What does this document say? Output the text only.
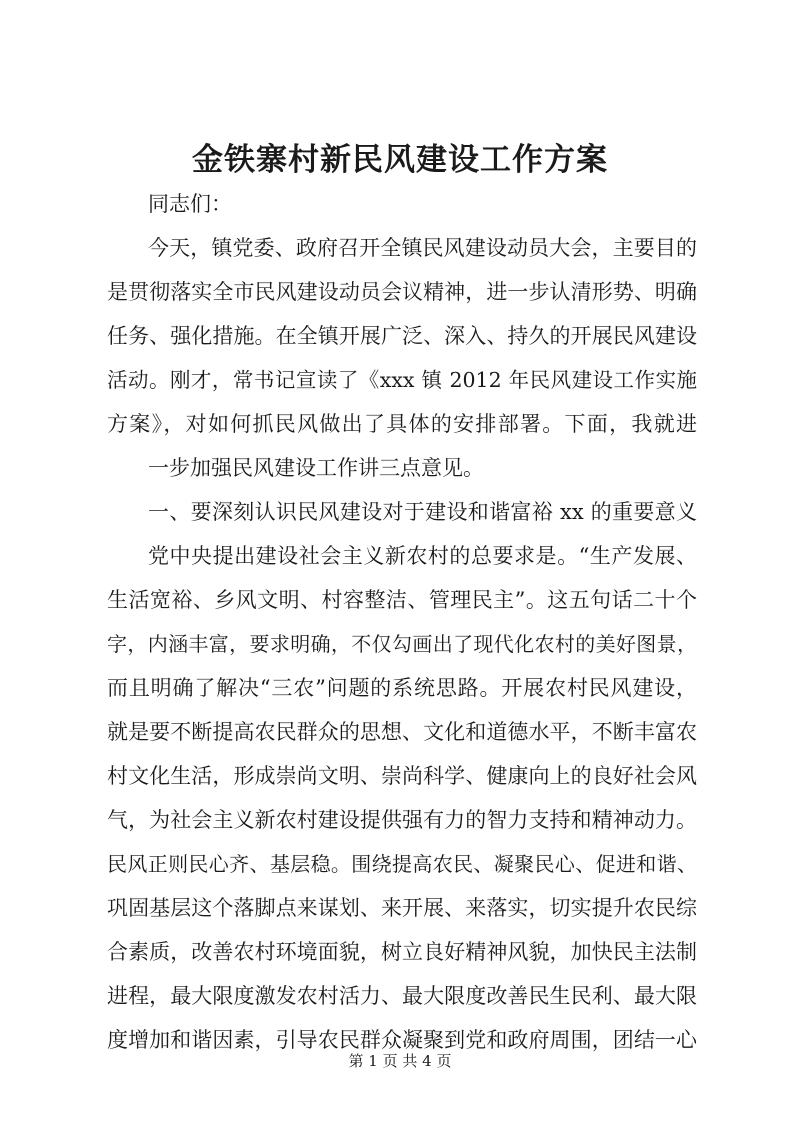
金铁寨村新民风建设工作方案
同志们：
今天，镇党委、政府召开全镇民风建设动员大会，主要目的
是贯彻落实全市民风建设动员会议精神，进一步认清形势、明确
任务、强化措施。在全镇开展广泛、深入、持久的开展民风建设
活动。刚才，常书记宣读了《xxx 镇 2012 年民风建设工作实施
方案》，对如何抓民风做出了具体的安排部署。下面，我就进
一步加强民风建设工作讲三点意见。
一、要深刻认识民风建设对于建设和谐富裕 xx 的重要意义
党中央提出建设社会主义新农村的总要求是。“生产发展、
生活宽裕、乡风文明、村容整洁、管理民主”。这五句话二十个
字，内涵丰富，要求明确，不仅勾画出了现代化农村的美好图景，
而且明确了解决“三农”问题的系统思路。开展农村民风建设，
就是要不断提高农民群众的思想、文化和道德水平，不断丰富农
村文化生活，形成崇尚文明、崇尚科学、健康向上的良好社会风
气，为社会主义新农村建设提供强有力的智力支持和精神动力。
民风正则民心齐、基层稳。围绕提高农民、凝聚民心、促进和谐、
巩固基层这个落脚点来谋划、来开展、来落实，切实提升农民综
合素质，改善农村环境面貌，树立良好精神风貌，加快民主法制
进程，最大限度激发农村活力、最大限度改善民生民利、最大限
度增加和谐因素，引导农民群众凝聚到党和政府周围，团结一心
第 1 页 共 4 页
